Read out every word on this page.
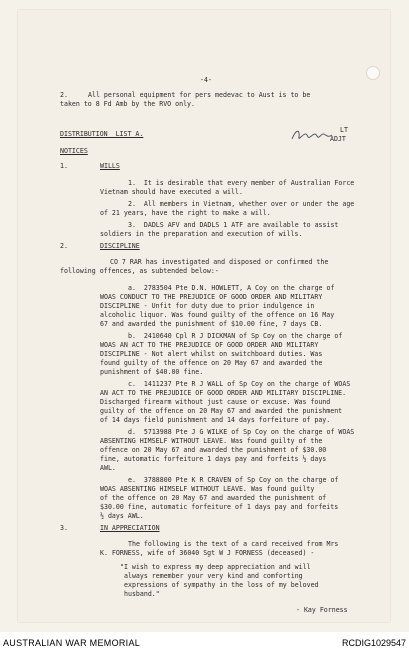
-4-
2.	All personal equipment for pers medevac to Aust is to be
taken to 8 Fd Amb by the RVO only.
LT
ADJT
DISTRIBUTION  LIST A.
NOTICES
1.	WILLS
1.  It is desirable that every member of Australian Force
Vietnam should have executed a will.
2.  All members in Vietnam, whether over or under the age
of 21 years, have the right to make a will.
3.  DADLS AFV and DADLS 1 ATF are available to assist
soldiers in the preparation and execution of wills.
2.	DISCIPLINE
CO 7 RAR has investigated and disposed or confirmed the
following offences, as subtended below:-
a.  2783504 Pte D.N. HOWLETT, A Coy on the charge of
WOAS CONDUCT TO THE PREJUDICE OF GOOD ORDER AND MILITARY
DISCIPLINE - Unfit for duty due to prior indulgence in
alcoholic liquor. Was found guilty of the offence on 16 May
67 and awarded the punishment of $10.00 fine, 7 days CB.
b.  2410640 Cpl R J DICKMAN of Sp Coy on the charge of
WOAS AN ACT TO THE PREJUDICE OF GOOD ORDER AND MILITARY
DISCIPLINE - Not alert whilst on switchboard duties. Was
found guilty of the offence on 20 May 67 and awarded the
punishment of $40.00 fine.
c.  1411237 Pte R J WALL of Sp Coy on the charge of WOAS
AN ACT TO THE PREJUDICE OF GOOD ORDER AND MILITARY DISCIPLINE.
Discharged firearm without just cause or excuse. Was found
guilty of the offence on 20 May 67 and awarded the punishment
of 14 days field punishment and 14 days forfeiture of pay.
d.  5713988 Pte J G WILKE of Sp Coy on the charge of WOAS
ABSENTING HIMSELF WITHOUT LEAVE. Was found guilty of the
offence on 20 May 67 and awarded the punishment of $30.00
fine, automatic forfeiture 1 days pay and forfeits ½ days
AWL.
e.  3788800 Pte K R CRAVEN of Sp Coy on the charge of
WOAS ABSENTING HIMSELF WITHOUT LEAVE. Was found guilty
of the offence on 20 May 67 and awarded the punishment of
$30.00 fine, automatic forfeiture of 1 days pay and forfeits
½ days AWL.
3.	IN APPRECIATION
The following is the text of a card received from Mrs
K. FORNESS, wife of 36040 Sgt W J FORNESS (deceased) -
"I wish to express my deep appreciation and will
always remember your very kind and comforting
expressions of sympathy in the loss of my beloved
husband."
- Kay Forness
AUSTRALIAN WAR MEMORIAL	RCDIG1029547
